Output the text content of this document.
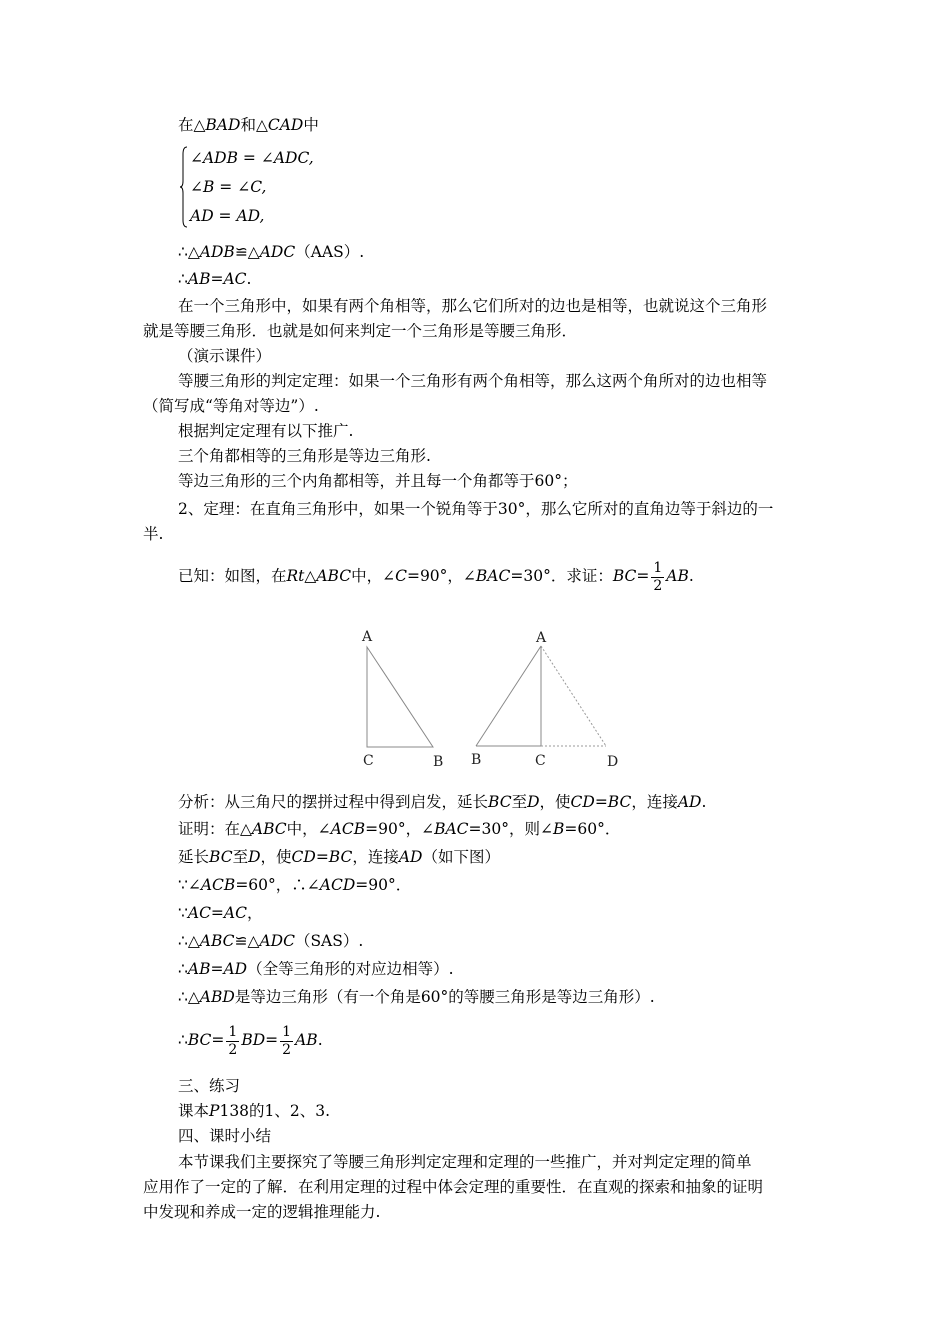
在△BAD和△CAD中
∠ADB = ∠ADC,
∠B = ∠C,
AD = AD,
∴△ADB≌△ADC（AAS）.
∴AB=AC.
在一个三角形中，如果有两个角相等，那么它们所对的边也是相等，也就说这个三角形
就是等腰三角形．也就是如何来判定一个三角形是等腰三角形．
（演示课件）
等腰三角形的判定定理：如果一个三角形有两个角相等，那么这两个角所对的边也相等
（简写成“等角对等边”）.
根据判定定理有以下推广.
三个角都相等的三角形是等边三角形.
等边三角形的三个内角都相等，并且每一个角都等于60°；
2、定理：在直角三角形中，如果一个锐角等于30°，那么它所对的直角边等于斜边的一
半.
已知：如图，在Rt△ABC中，∠C=90°，∠BAC=30°．求证：$BC= \frac{1}{2}$ AB.
A
C	B
A
B	C	D
分析：从三角尺的摆拼过程中得到启发，延长BC至D，使CD=BC，连接AD.
证明：在△ABC中，∠ACB=90°，∠BAC=30°，则∠B=60°．
延长BC至D，使CD=BC，连接AD（如下图）
∵∠ACB=60°，∴∠ACD=90°．
∵AC=AC，
∴△ABC≌△ADC（SAS）.
∴AB=AD（全等三角形的对应边相等）.
∴△ABD是等边三角形（有一个角是60°的等腰三角形是等边三角形）.
∴BC= $\frac{1}{2} BD= \frac{1}{2}$ AB.
三、练习
课本P138的1、2、3.
四、课时小结
本节课我们主要探究了等腰三角形判定定理和定理的一些推广，并对判定定理的简单
应用作了一定的了解．在利用定理的过程中体会定理的重要性．在直观的探索和抽象的证明
中发现和养成一定的逻辑推理能力.
